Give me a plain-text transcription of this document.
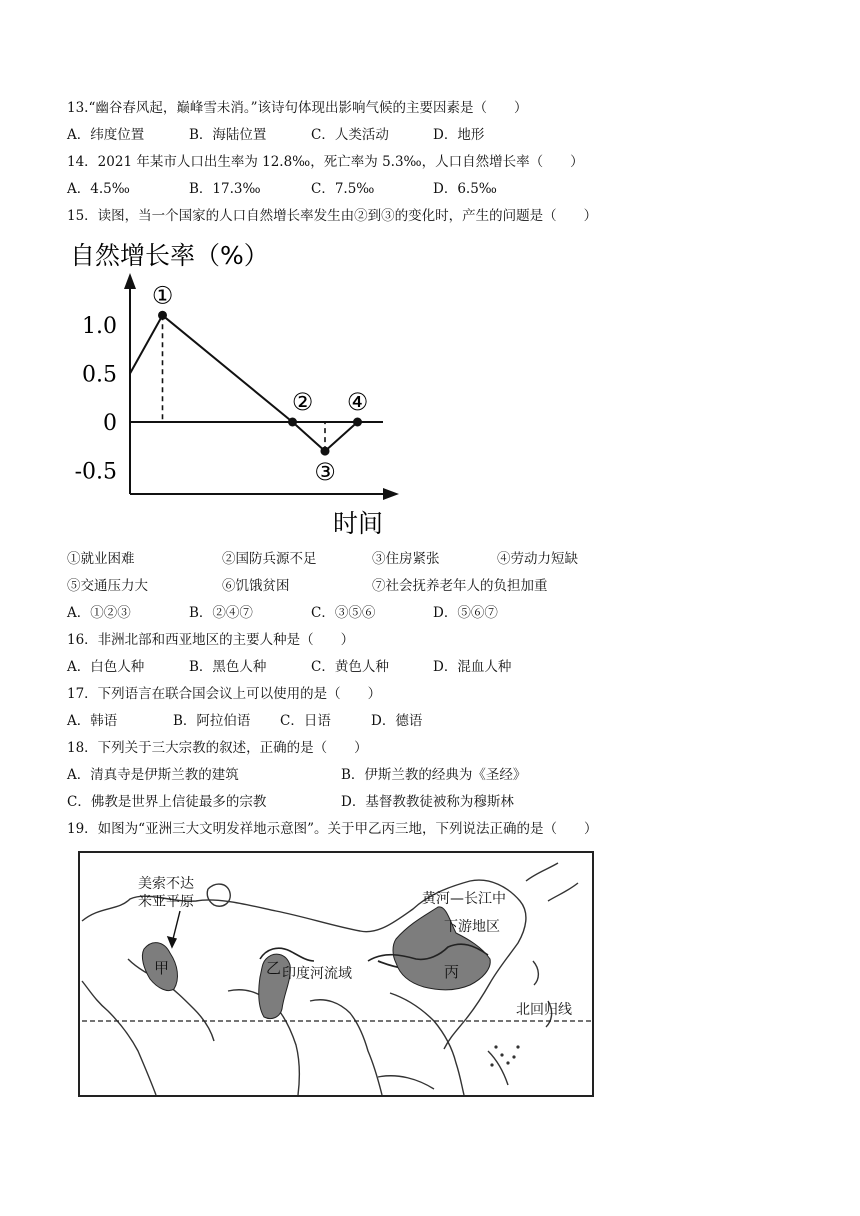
13.“幽谷春风起，巅峰雪未消。”该诗句体现出影响气候的主要因素是（　　）
A．纬度位置	B．海陆位置	C．人类活动	D．地形
14．2021 年某市人口出生率为 12.8‰，死亡率为 5.3‰，人口自然增长率（　　）
A．4.5‰	B．17.3‰	C．7.5‰	D．6.5‰
15．读图，当一个国家的人口自然增长率发生由②到③的变化时，产生的问题是（　　）
自然增长率（%）
1.0
0.5
0
-0.5
①
②
③
④
时间
①就业困难	②国防兵源不足	③住房紧张	④劳动力短缺
⑤交通压力大	⑥饥饿贫困	⑦社会抚养老年人的负担加重
A．①②③	B．②④⑦	C．③⑤⑥	D．⑤⑥⑦
16．非洲北部和西亚地区的主要人种是（　　）
A．白色人种	B．黑色人种	C．黄色人种	D．混血人种
17．下列语言在联合国会议上可以使用的是（　　）
A．韩语	B．阿拉伯语 C．日语	D．德语
18．下列关于三大宗教的叙述，正确的是（　　）
A．清真寺是伊斯兰教的建筑	B．伊斯兰教的经典为《圣经》
C．佛教是世界上信徒最多的宗教	D．基督教教徒被称为穆斯林
19．如图为“亚洲三大文明发祥地示意图”。关于甲乙丙三地，下列说法正确的是（　　）
美索不达
米亚平原
甲	乙 印度河流域	丙
黄河—长江中
下游地区
北回归线
